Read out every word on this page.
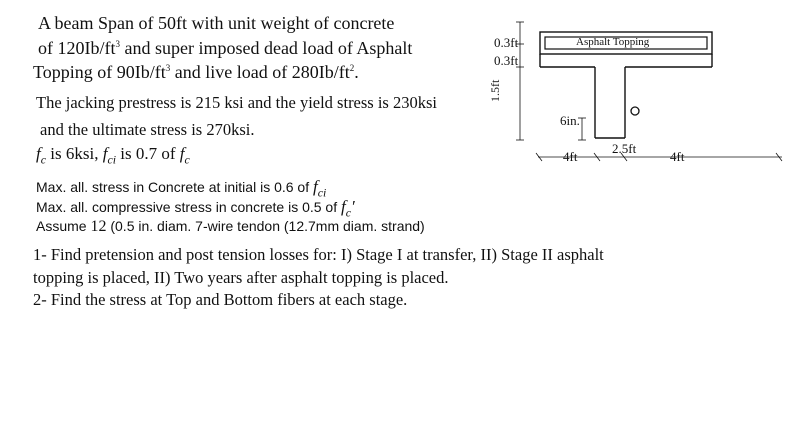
A beam Span of 50ft with unit weight of concrete
of $120Ib/ft^3$ and super imposed dead load of Asphalt
Topping of $90Ib/ft^3$ and live load of $280Ib/ft^2$.
The jacking prestress is 215 ksi and the yield stress is 230ksi
and the ultimate stress is 270ksi.
$f_c$ is 6ksi, $f_{ci}$ is 0.7 of $f_c$
Max. all. stress in Concrete at initial is 0.6 of $f_{ci}$
Max. all. compressive stress in concrete is 0.5 of $f_c'$
Assume 12 (0.5 in. diam. 7-wire tendon (12.7mm diam. strand)
1- Find pretension and post tension losses for: I) Stage I at transfer, II) Stage II asphalt
topping is placed, II) Two years after asphalt topping is placed.
2- Find the stress at Top and Bottom fibers at each stage.
0.3ft
0.3ft
1.5ft
Asphalt Topping
6in.
4ft
2.5ft
4ft
